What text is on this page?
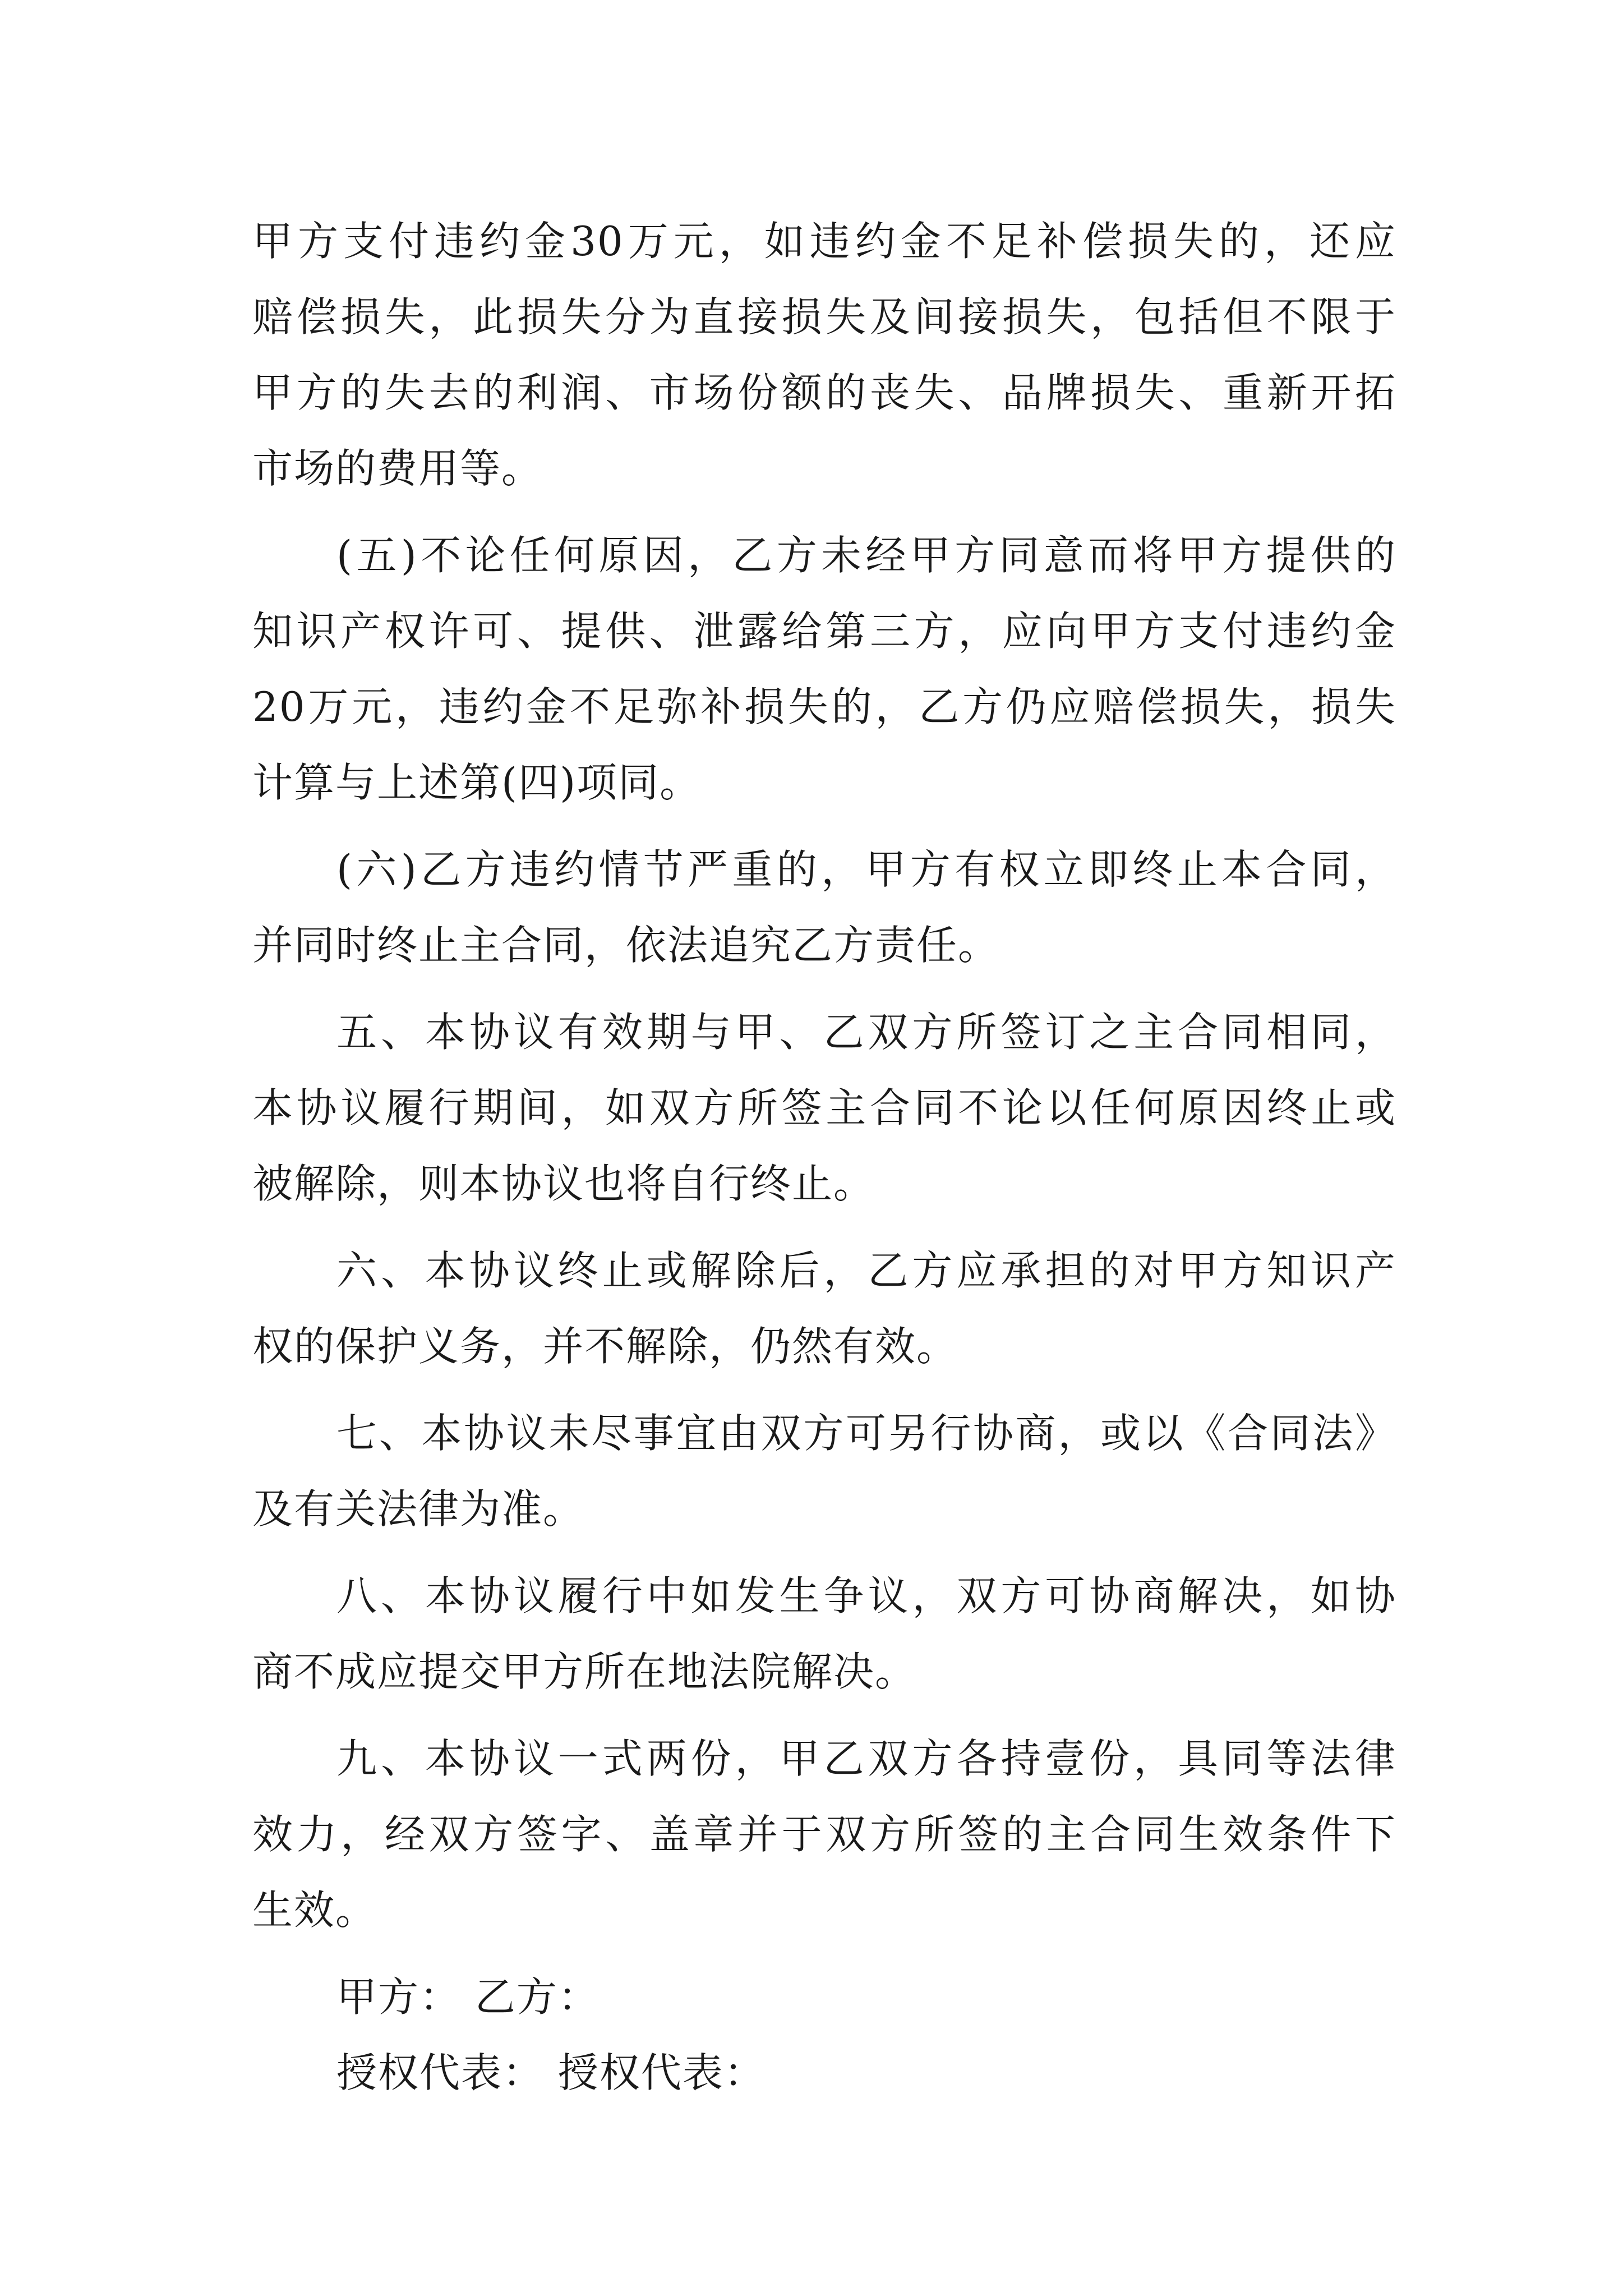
甲方支付违约金30万元，如违约金不足补偿损失的，还应
赔偿损失，此损失分为直接损失及间接损失，包括但不限于
甲方的失去的利润、市场份额的丧失、品牌损失、重新开拓
市场的费用等。
(五)不论任何原因，乙方未经甲方同意而将甲方提供的
知识产权许可、提供、泄露给第三方，应向甲方支付违约金
20万元，违约金不足弥补损失的，乙方仍应赔偿损失，损失
计算与上述第(四)项同。
(六)乙方违约情节严重的，甲方有权立即终止本合同，
并同时终止主合同，依法追究乙方责任。
五、本协议有效期与甲、乙双方所签订之主合同相同，
本协议履行期间，如双方所签主合同不论以任何原因终止或
被解除，则本协议也将自行终止。
六、本协议终止或解除后，乙方应承担的对甲方知识产
权的保护义务，并不解除，仍然有效。
七、本协议未尽事宜由双方可另行协商，或以《合同法》
及有关法律为准。
八、本协议履行中如发生争议，双方可协商解决，如协
商不成应提交甲方所在地法院解决。
九、本协议一式两份，甲乙双方各持壹份，具同等法律
效力，经双方签字、盖章并于双方所签的主合同生效条件下
生效。
甲方： 乙方：
授权代表： 授权代表：
